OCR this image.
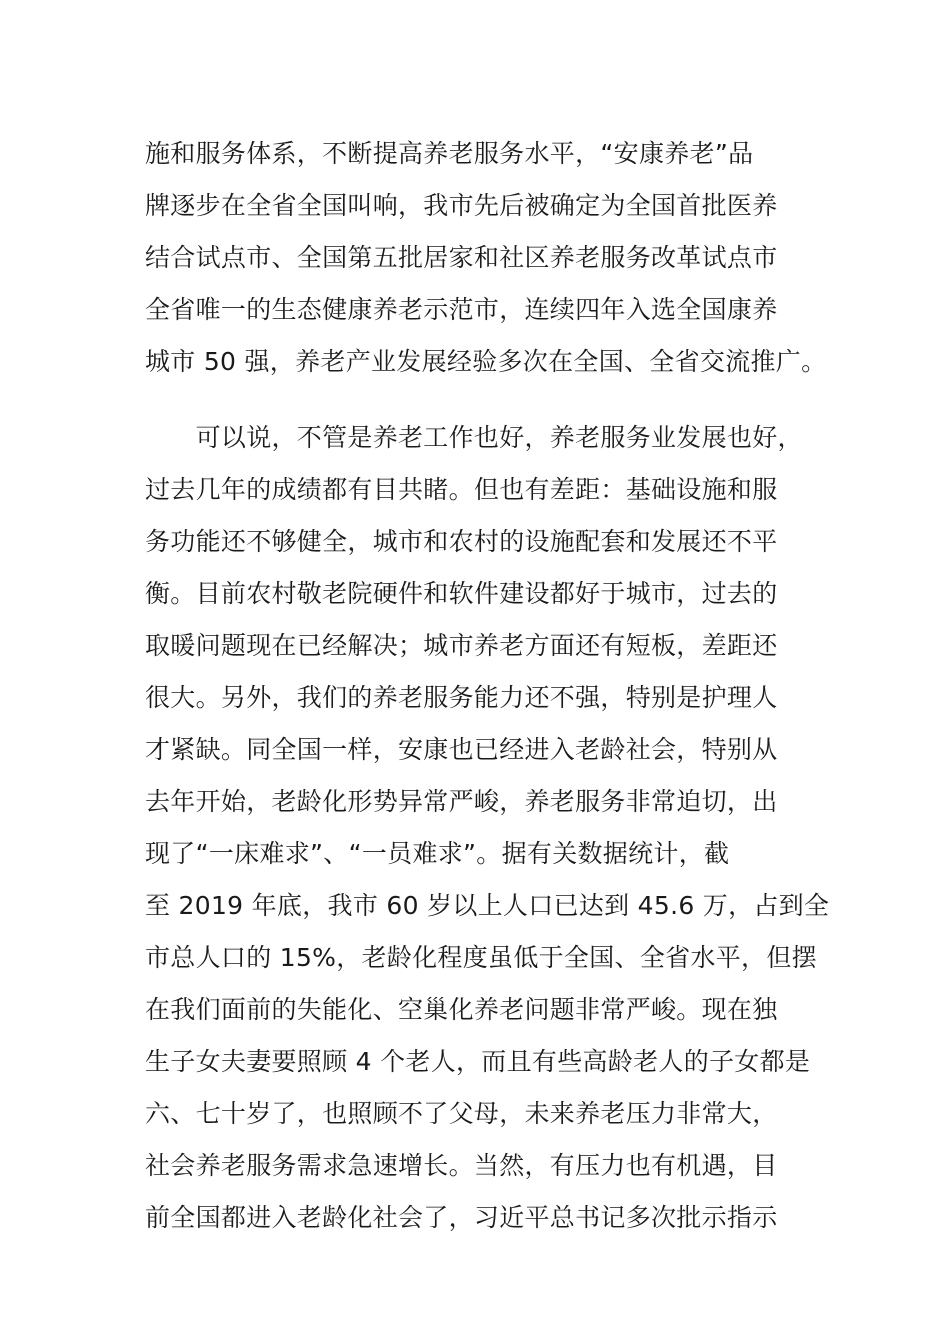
施和服务体系，不断提高养老服务水平，“安康养老”品
牌逐步在全省全国叫响，我市先后被确定为全国首批医养
结合试点市、全国第五批居家和社区养老服务改革试点市
全省唯一的生态健康养老示范市，连续四年入选全国康养
城市 50 强，养老产业发展经验多次在全国、全省交流推广。
　　可以说，不管是养老工作也好，养老服务业发展也好，
过去几年的成绩都有目共睹。但也有差距：基础设施和服
务功能还不够健全，城市和农村的设施配套和发展还不平
衡。目前农村敬老院硬件和软件建设都好于城市，过去的
取暖问题现在已经解决；城市养老方面还有短板，差距还
很大。另外，我们的养老服务能力还不强，特别是护理人
才紧缺。同全国一样，安康也已经进入老龄社会，特别从
去年开始，老龄化形势异常严峻，养老服务非常迫切，出
现了“一床难求”、“一员难求”。据有关数据统计，截
至 2019 年底，我市 60 岁以上人口已达到 45.6 万，占到全
市总人口的 15%，老龄化程度虽低于全国、全省水平，但摆
在我们面前的失能化、空巢化养老问题非常严峻。现在独
生子女夫妻要照顾 4 个老人，而且有些高龄老人的子女都是
六、七十岁了，也照顾不了父母，未来养老压力非常大，
社会养老服务需求急速增长。当然，有压力也有机遇，目
前全国都进入老龄化社会了，习近平总书记多次批示指示
